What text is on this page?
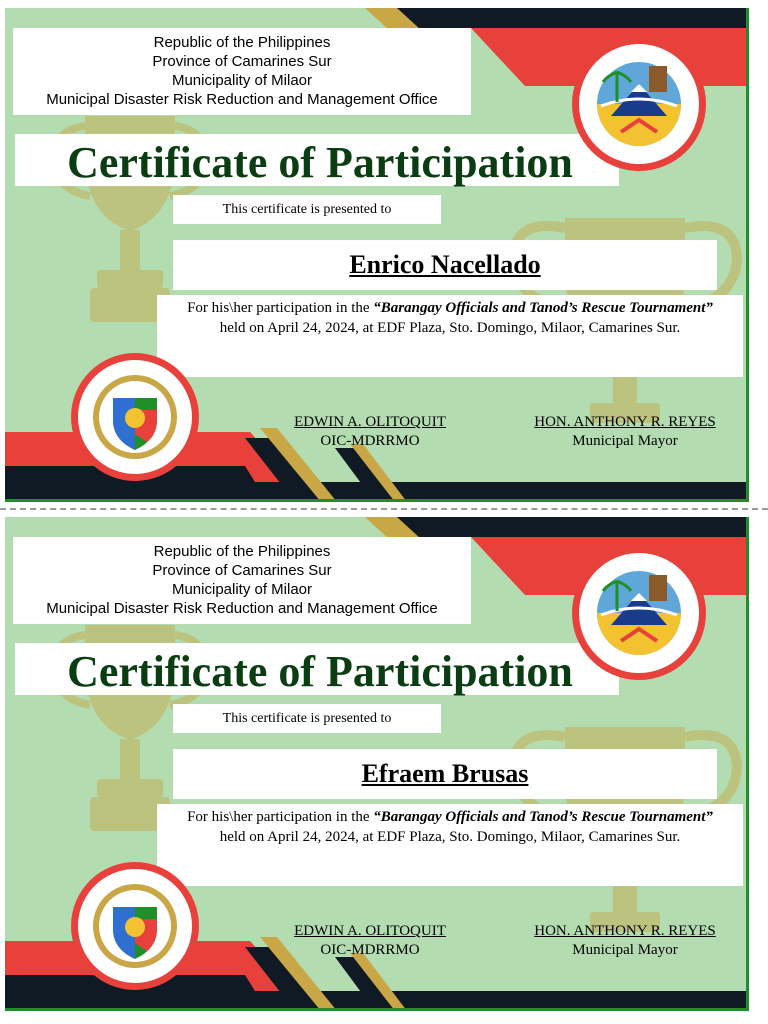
Republic of the Philippines
Province of Camarines Sur
Municipality of Milaor
Municipal Disaster Risk Reduction and Management Office
Certificate of Participation
This certificate is presented to
Enrico Nacellado
For his\her participation in the “Barangay Officials and Tanod’s Rescue Tournament” held on April 24, 2024, at EDF Plaza, Sto. Domingo, Milaor, Camarines Sur.
EDWIN A. OLITOQUIT
OIC-MDRRMO
HON. ANTHONY R. REYES
Municipal Mayor
Republic of the Philippines
Province of Camarines Sur
Municipality of Milaor
Municipal Disaster Risk Reduction and Management Office
Certificate of Participation
This certificate is presented to
Efraem Brusas
For his\her participation in the “Barangay Officials and Tanod’s Rescue Tournament” held on April 24, 2024, at EDF Plaza, Sto. Domingo, Milaor, Camarines Sur.
EDWIN A. OLITOQUIT
OIC-MDRRMO
HON. ANTHONY R. REYES
Municipal Mayor
